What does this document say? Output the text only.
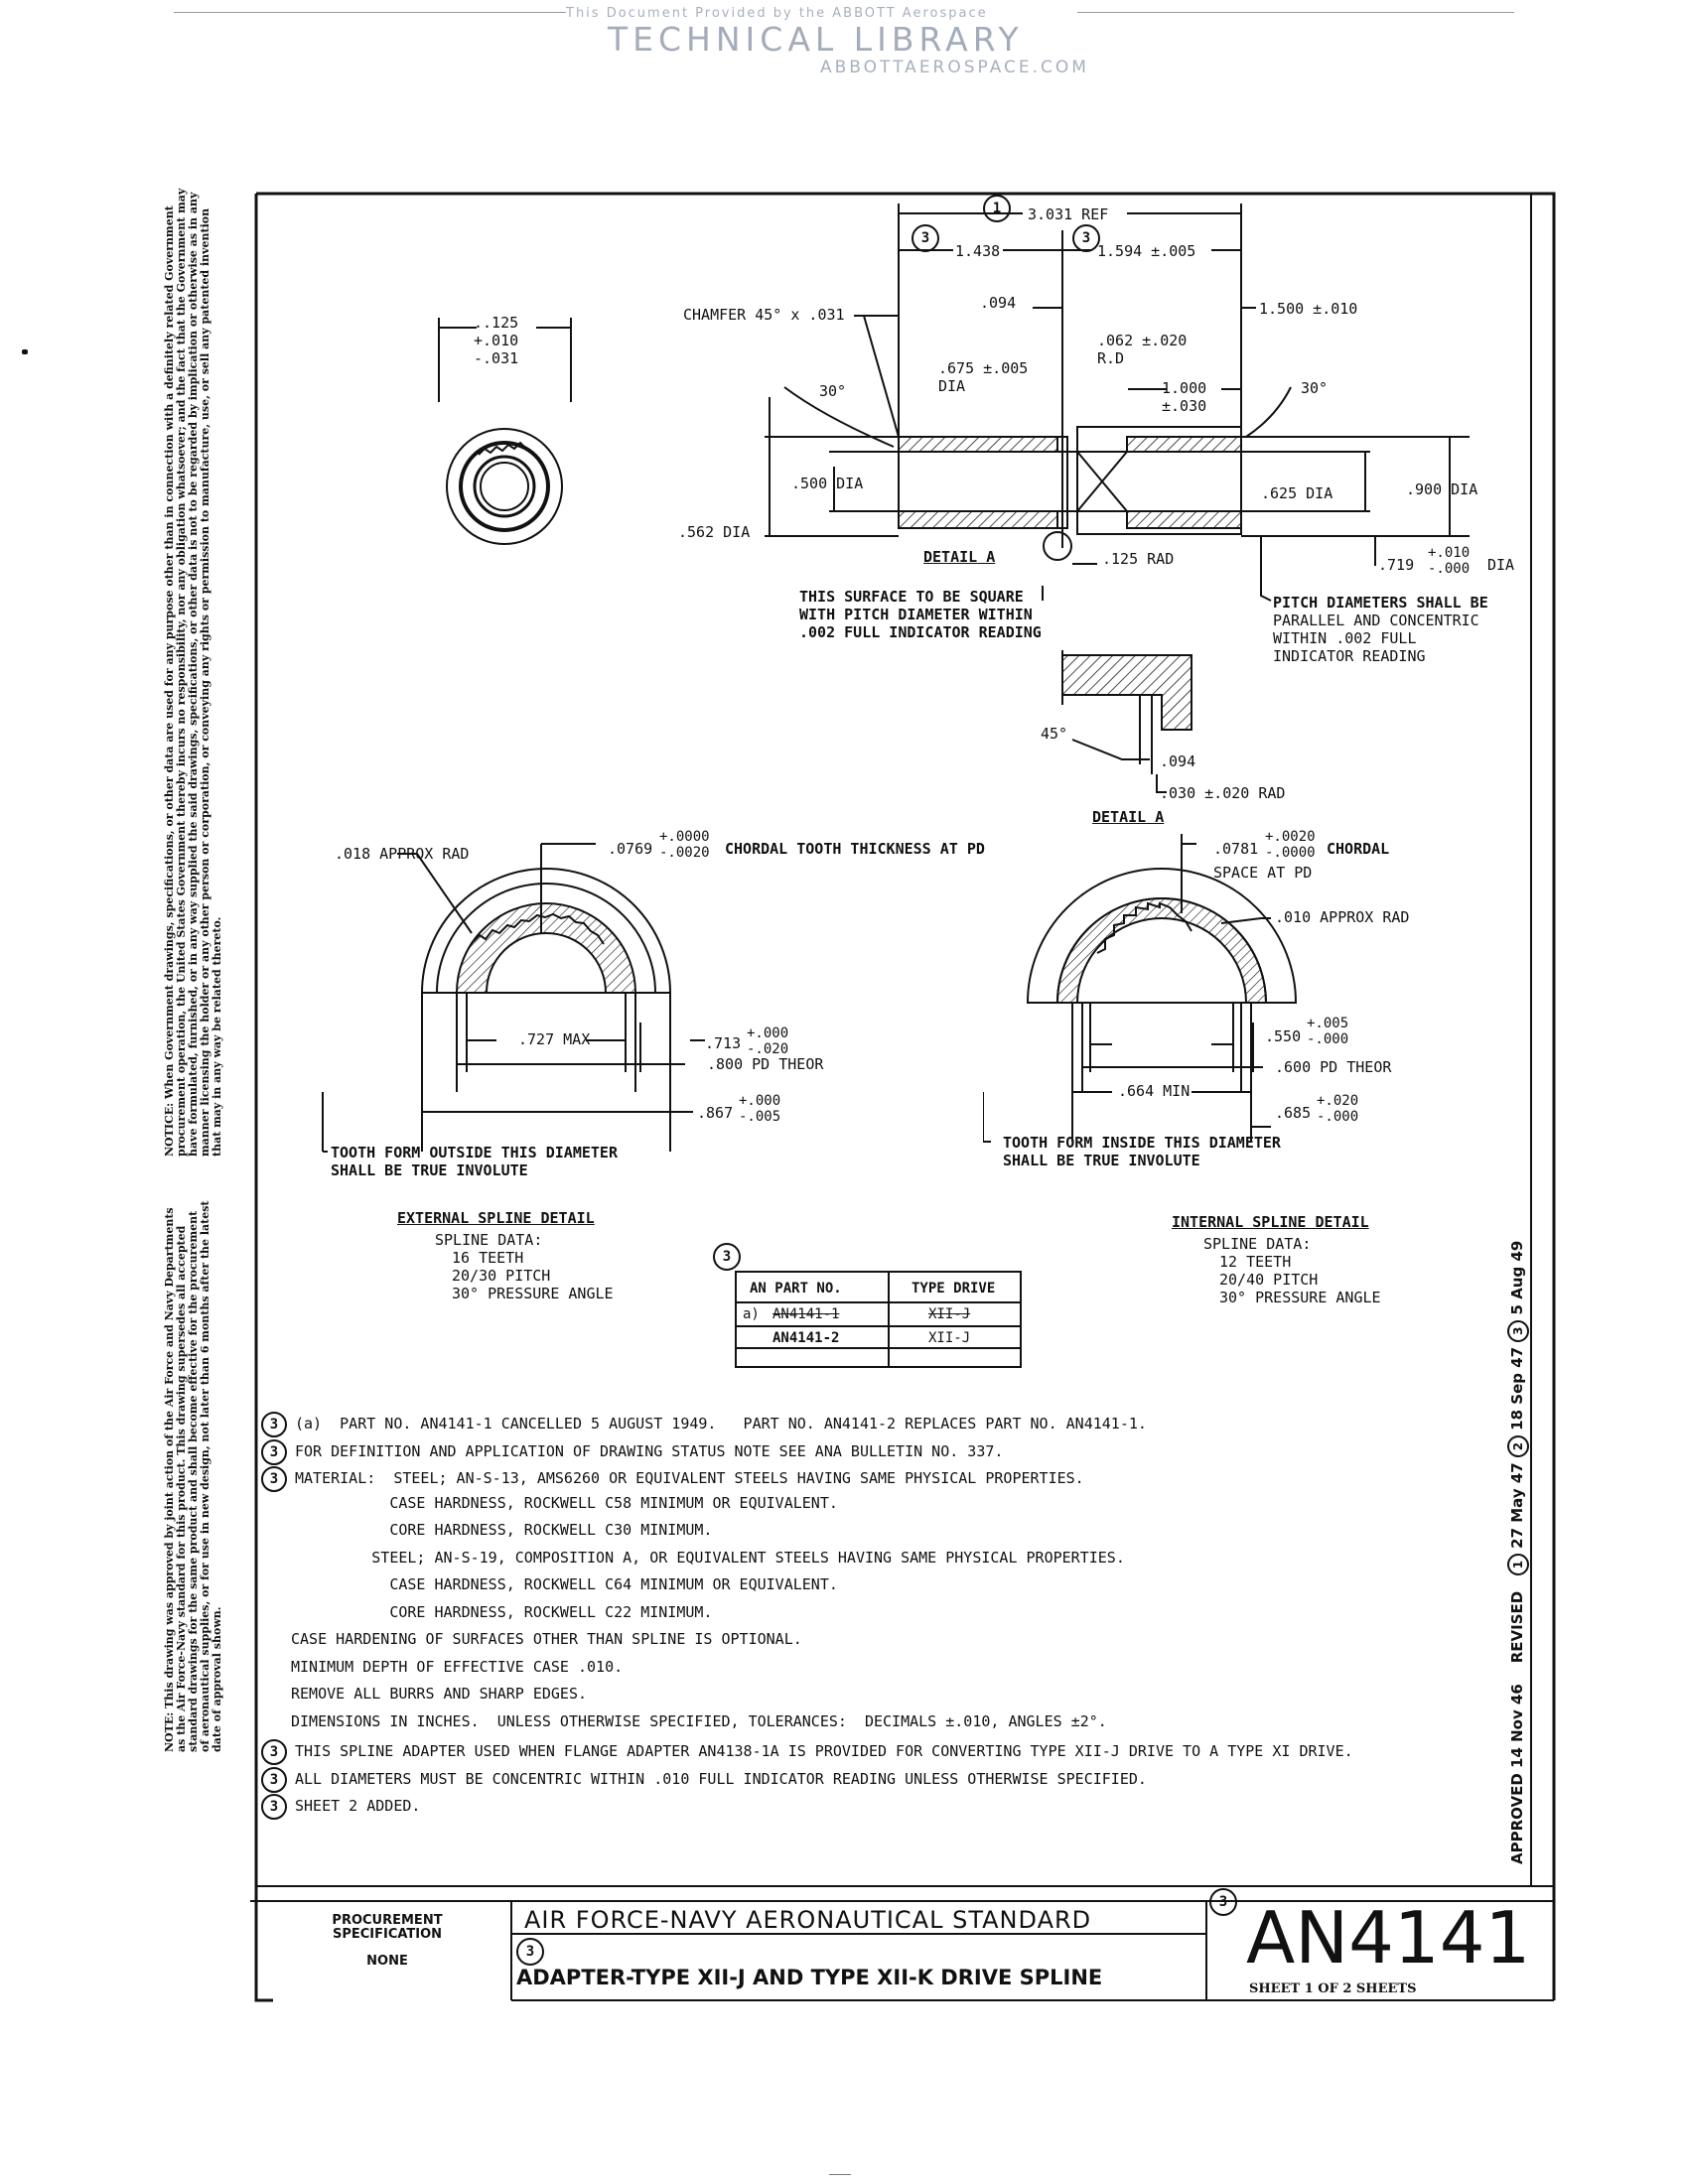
This Document Provided by the ABBOTT Aerospace
TECHNICAL LIBRARY
ABBOTTAEROSPACE.COM
NOTICE: When Government drawings, specifications, or other data are used for any purpose other than in connection with a definitely related Government procurement operation, the United States Government thereby incurs no responsibility, nor any obligation whatsoever; and the fact that the Government may have formulated, furnished, or in any way supplied the said drawings, specifications, or other data is not to be regarded by implication or otherwise as in any manner licensing the holder or any other person or corporation, or conveying any rights or permission to manufacture, use, or sell any patented invention that may in any way be related thereto.
NOTE: This drawing was approved by joint action of the Air Force and Navy Departments as the Air Force-Navy standard for this product. This drawing supersedes all accepted standard drawings for the same product and shall become effective for the procurement of aeronautical supplies, or for use in new design, not later than 6 months after the latest date of approval shown.
..125
+.010
-.031
1	3.031 REF
3	3
1.438	1.594 ±.005
CHAMFER 45° x .031
.094	1.500 ±.010
.062 ±.020
R.D
.675 ±.005
DIA	1.000
±.030
30°	30°
.500 DIA
.562 DIA
.625 DIA	.900 DIA
DETAIL A	.125 RAD	.719
+.010
-.000 DIA
THIS SURFACE TO BE SQUARE
WITH PITCH DIAMETER WITHIN
.002 FULL INDICATOR READING
PITCH DIAMETERS SHALL BE
PARALLEL AND CONCENTRIC
WITHIN .002 FULL
INDICATOR READING
45°
.094
.030 ±.020 RAD
DETAIL A
.018 APPROX RAD	.0769
+.0000
-.0020 CHORDAL TOOTH THICKNESS AT PD
.713
+.000
-.020
.727 MAX
.800 PD THEOR
.867
+.000
-.005
TOOTH FORM OUTSIDE THIS DIAMETER
SHALL BE TRUE INVOLUTE
EXTERNAL SPLINE DETAIL
SPLINE DATA:
16 TEETH
20/30 PITCH
30° PRESSURE ANGLE
.0781
+.0020
-.0000 CHORDAL
SPACE AT PD
.010 APPROX RAD
.550
+.005
-.000
.600 PD THEOR
.664 MIN
.685
+.020
-.000
TOOTH FORM INSIDE THIS DIAMETER
SHALL BE TRUE INVOLUTE
INTERNAL SPLINE DETAIL
SPLINE DATA:
12 TEETH
20/40 PITCH
30° PRESSURE ANGLE
3
AN PART NO.	TYPE DRIVE
a) AN4141-1	XII-J
AN4141-2	XII-J
3 (a)  PART NO. AN4141-1 CANCELLED 5 AUGUST 1949.   PART NO. AN4141-2 REPLACES PART NO. AN4141-1.
3 FOR DEFINITION AND APPLICATION OF DRAWING STATUS NOTE SEE ANA BULLETIN NO. 337.
3 MATERIAL:  STEEL; AN-S-13, AMS6260 OR EQUIVALENT STEELS HAVING SAME PHYSICAL PROPERTIES.
CASE HARDNESS, ROCKWELL C58 MINIMUM OR EQUIVALENT.
CORE HARDNESS, ROCKWELL C30 MINIMUM.
STEEL; AN-S-19, COMPOSITION A, OR EQUIVALENT STEELS HAVING SAME PHYSICAL PROPERTIES.
CASE HARDNESS, ROCKWELL C64 MINIMUM OR EQUIVALENT.
CORE HARDNESS, ROCKWELL C22 MINIMUM.
CASE HARDENING OF SURFACES OTHER THAN SPLINE IS OPTIONAL.
MINIMUM DEPTH OF EFFECTIVE CASE .010.
REMOVE ALL BURRS AND SHARP EDGES.
DIMENSIONS IN INCHES.  UNLESS OTHERWISE SPECIFIED, TOLERANCES:  DECIMALS ±.010, ANGLES ±2°.
3 THIS SPLINE ADAPTER USED WHEN FLANGE ADAPTER AN4138-1A IS PROVIDED FOR CONVERTING TYPE XII-J DRIVE TO A TYPE XI DRIVE.
3 ALL DIAMETERS MUST BE CONCENTRIC WITHIN .010 FULL INDICATOR READING UNLESS OTHERWISE SPECIFIED.
3 SHEET 2 ADDED.	APPROVED 14 Nov 46    REVISED   1 27 May 47 2 18 Sep 47 3 5 Aug 49
PROCUREMENT
SPECIFICATION
NONE
AIR FORCE-NAVY AERONAUTICAL STANDARD
3
3
ADAPTER-TYPE XII-J AND TYPE XII-K DRIVE SPLINE AN4141
SHEET 1 OF 2 SHEETS
